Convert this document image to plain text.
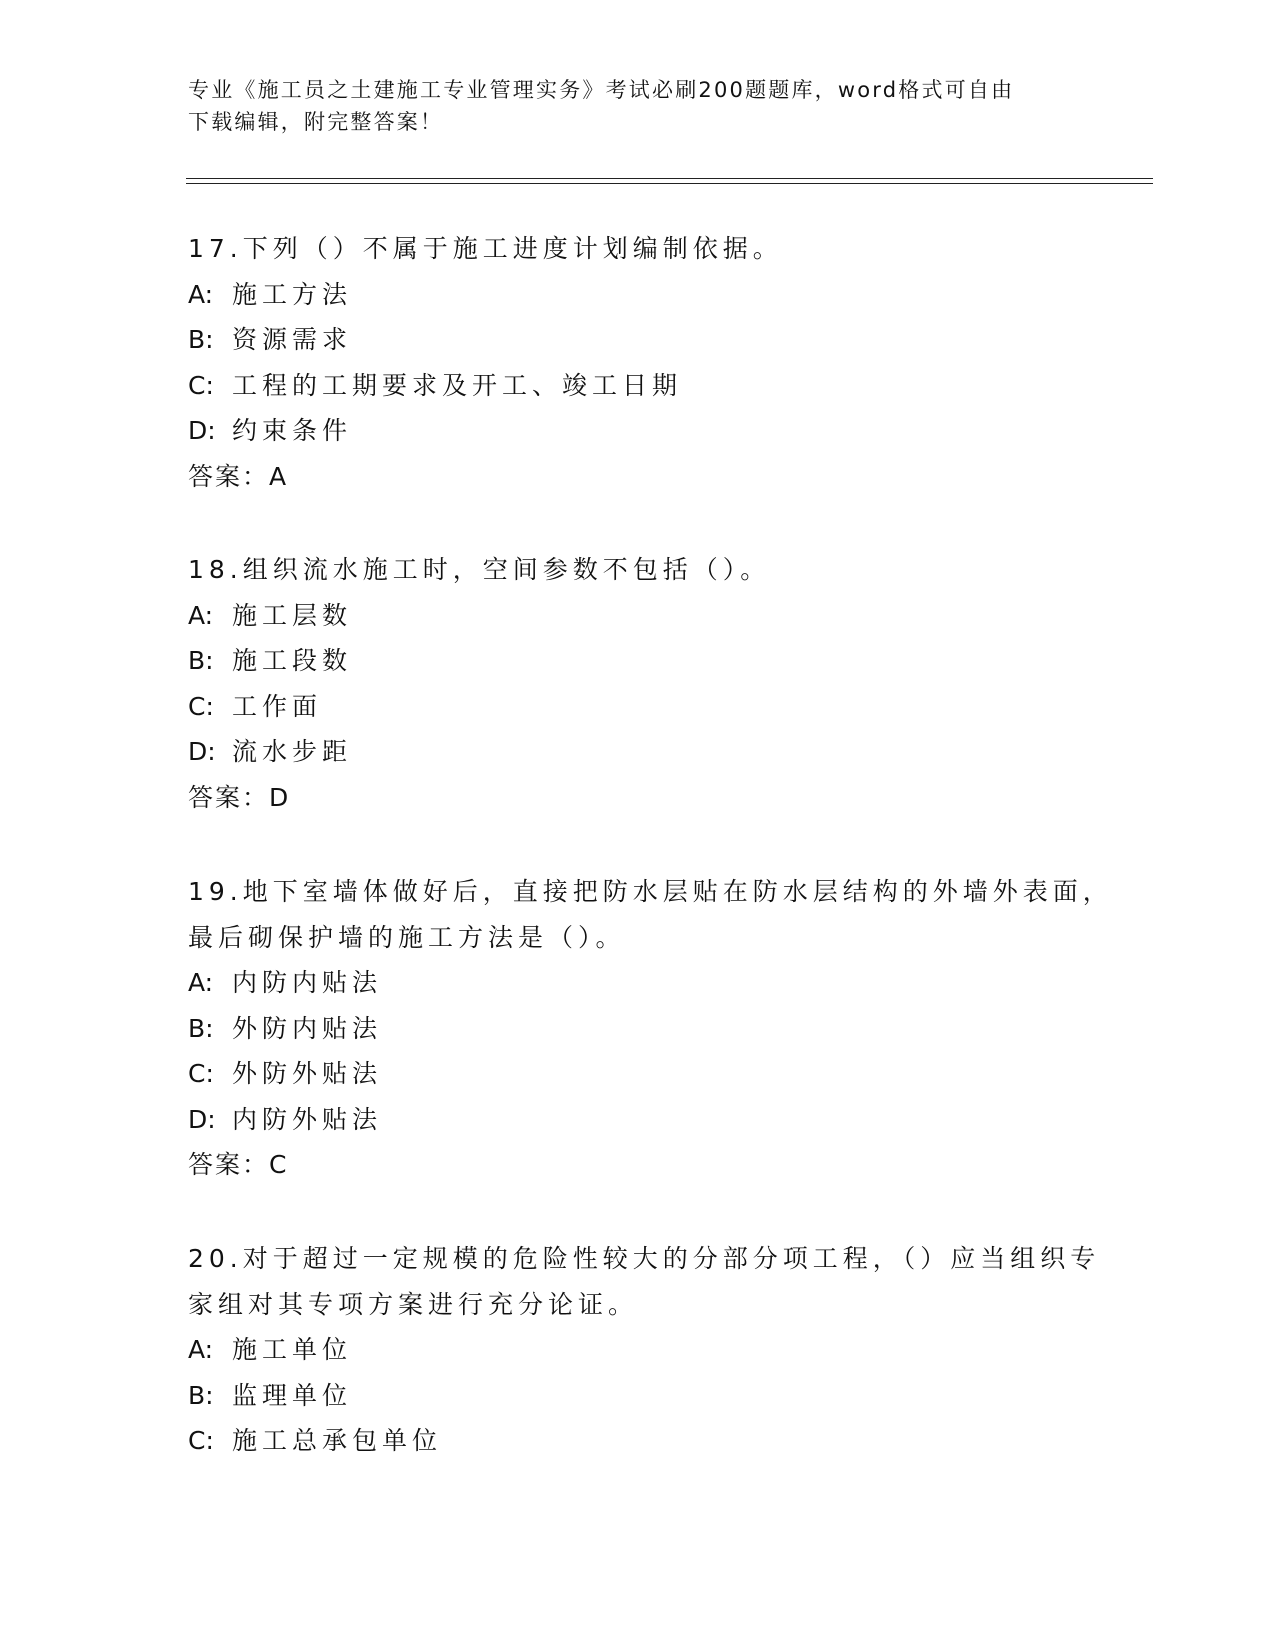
专业《施工员之土建施工专业管理实务》考试必刷200题题库，word格式可自由
下载编辑，附完整答案！
17.下列（）不属于施工进度计划编制依据。
A: 施工方法
B: 资源需求
C: 工程的工期要求及开工、竣工日期
D: 约束条件
答案：A
18.组织流水施工时，空间参数不包括（）。
A: 施工层数
B: 施工段数
C: 工作面
D: 流水步距
答案：D
19.地下室墙体做好后，直接把防水层贴在防水层结构的外墙外表面，
最后砌保护墙的施工方法是（）。
A: 内防内贴法
B: 外防内贴法
C: 外防外贴法
D: 内防外贴法
答案：C
20.对于超过一定规模的危险性较大的分部分项工程，（）应当组织专
家组对其专项方案进行充分论证。
A: 施工单位
B: 监理单位
C: 施工总承包单位
